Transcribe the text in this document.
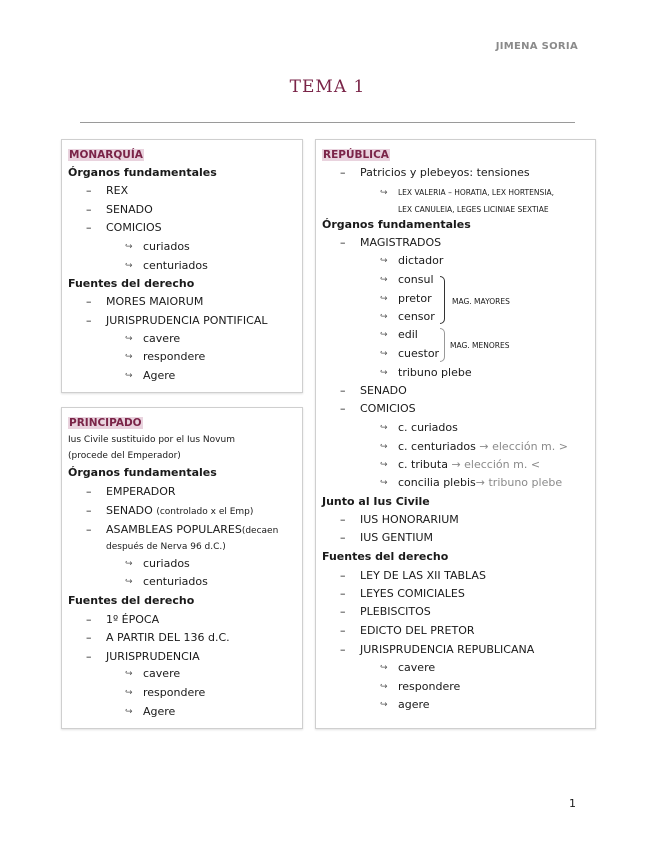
JIMENA SORIA
TEMA 1
MONARQUÍA
Órganos fundamentales
– REX
– SENADO
– COMICIOS
↪ curiados
↪ centuriados
Fuentes del derecho
– MORES MAIORUM
– JURISPRUDENCIA PONTIFICAL
↪ cavere
↪ respondere
↪ Agere
PRINCIPADO
Ius Civile sustituido por el Ius Novum
(procede del Emperador)
Órganos fundamentales
– EMPERADOR
– SENADO (controlado x el Emp)
– ASAMBLEAS POPULARES(decaen
después de Nerva 96 d.C.)
↪ curiados
↪ centuriados
Fuentes del derecho
– 1º ÉPOCA
– A PARTIR DEL 136 d.C.
– JURISPRUDENCIA
↪ cavere
↪ respondere
↪ Agere
REPÚBLICA
– Patricios y plebeyos: tensiones
↪ LEX VALERIA – HORATIA, LEX HORTENSIA,
LEX CANULEIA, LEGES LICINIAE SEXTIAE
Órganos fundamentales
– MAGISTRADOS
↪ dictador
↪ consul
↪ pretor
↪ censor
↪ edil
↪ cuestor
↪ tribuno plebe
MAG. MAYORES
MAG. MENORES
– SENADO
– COMICIOS
↪ c. curiados
↪ c. centuriados → elección m. >
↪ c. tributa → elección m. <
↪ concilia plebis→ tribuno plebe
Junto al Ius Civile
– IUS HONORARIUM
– IUS GENTIUM
Fuentes del derecho
– LEY DE LAS XII TABLAS
– LEYES COMICIALES
– PLEBISCITOS
– EDICTO DEL PRETOR
– JURISPRUDENCIA REPUBLICANA
↪ cavere
↪ respondere
↪ agere
1
